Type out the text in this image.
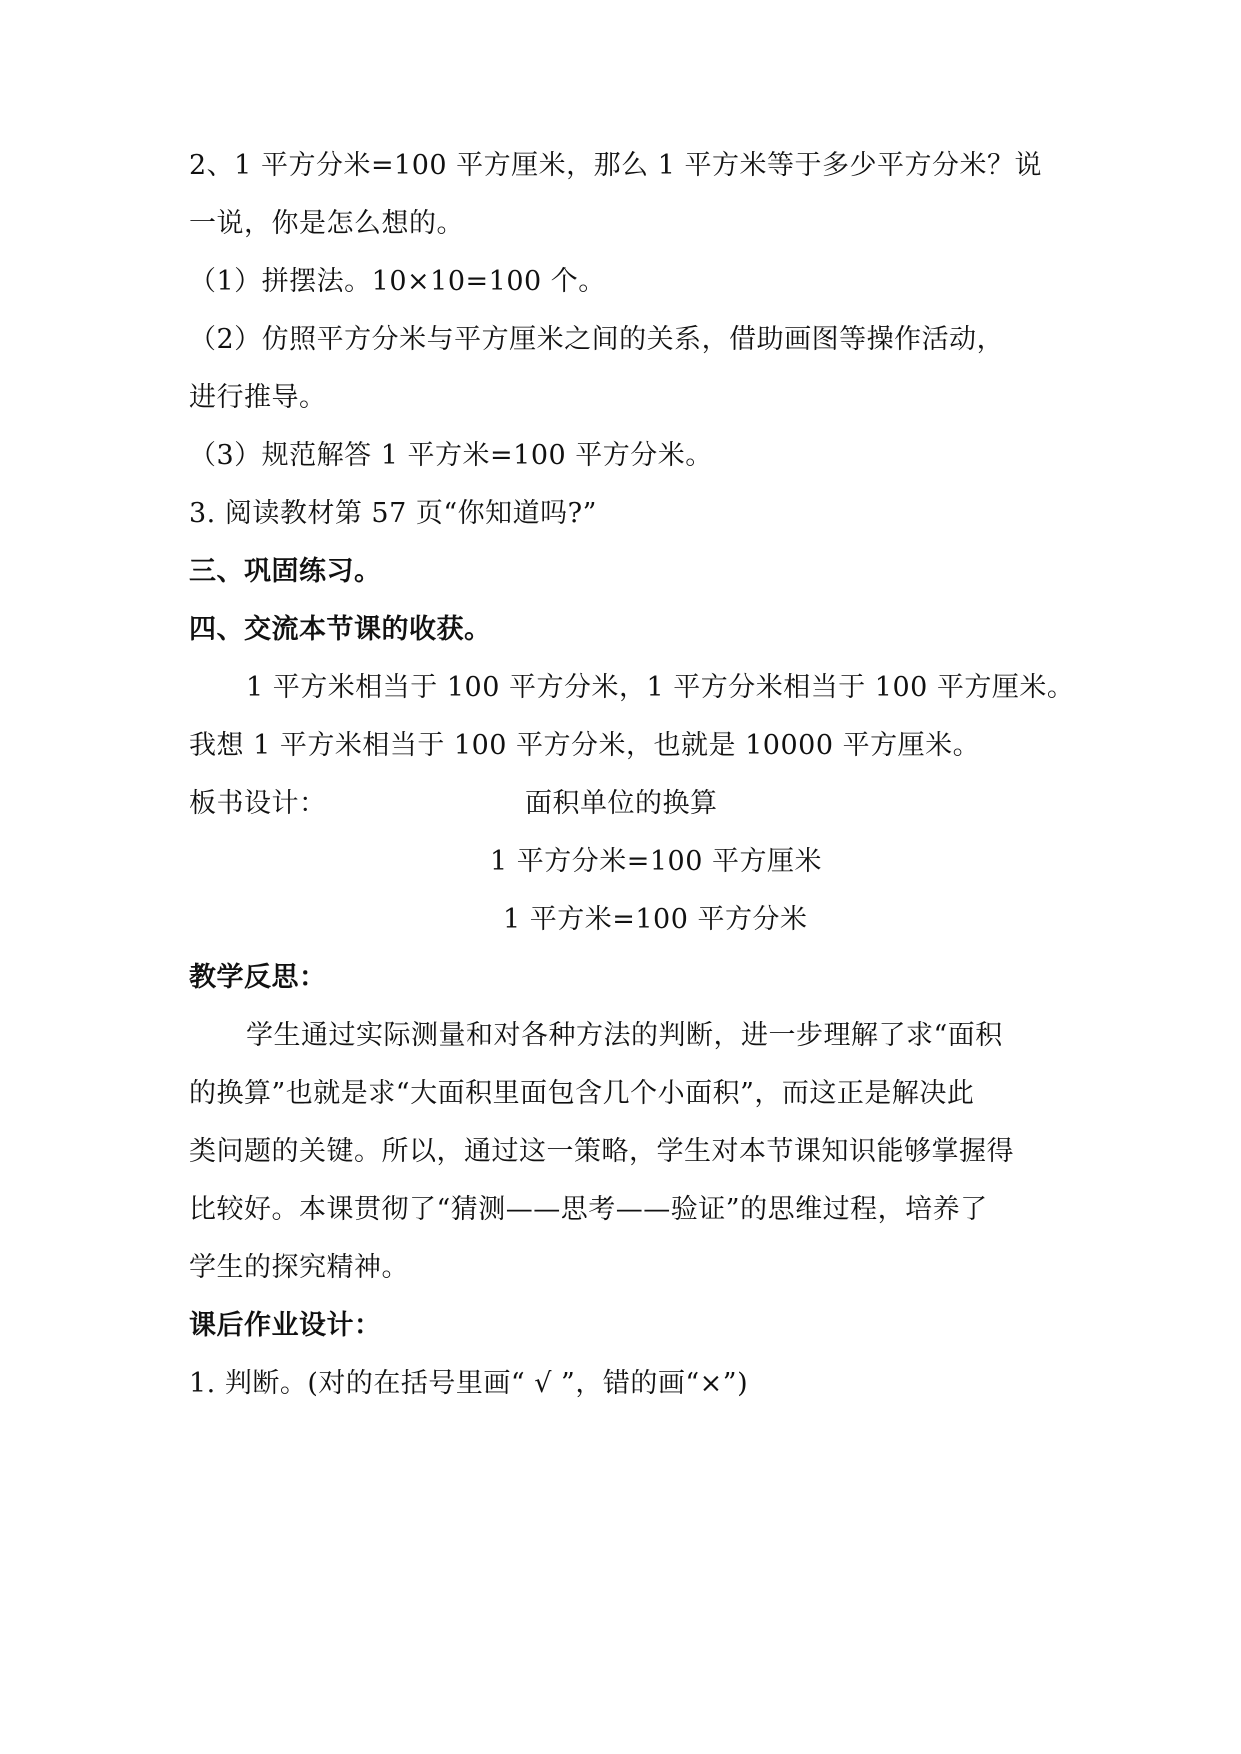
2、1 平方分米=100 平方厘米，那么 1 平方米等于多少平方分米？说
一说，你是怎么想的。
（1）拼摆法。10×10=100 个。
（2）仿照平方分米与平方厘米之间的关系，借助画图等操作活动，
进行推导。
（3）规范解答 1 平方米=100 平方分米。
3. 阅读教材第 57 页“你知道吗?”
三、巩固练习。
四、交流本节课的收获。
1 平方米相当于 100 平方分米，1 平方分米相当于 100 平方厘米。
我想 1 平方米相当于 100 平方分米，也就是 10000 平方厘米。
板书设计：	面积单位的换算
1 平方分米=100 平方厘米
1 平方米=100 平方分米
教学反思：
学生通过实际测量和对各种方法的判断，进一步理解了求“面积
的换算”也就是求“大面积里面包含几个小面积”，而这正是解决此
类问题的关键。所以，通过这一策略，学生对本节课知识能够掌握得
比较好。本课贯彻了“猜测——思考——验证”的思维过程，培养了
学生的探究精神。
课后作业设计：
1. 判断。(对的在括号里画“ √ ”，错的画“×”)
